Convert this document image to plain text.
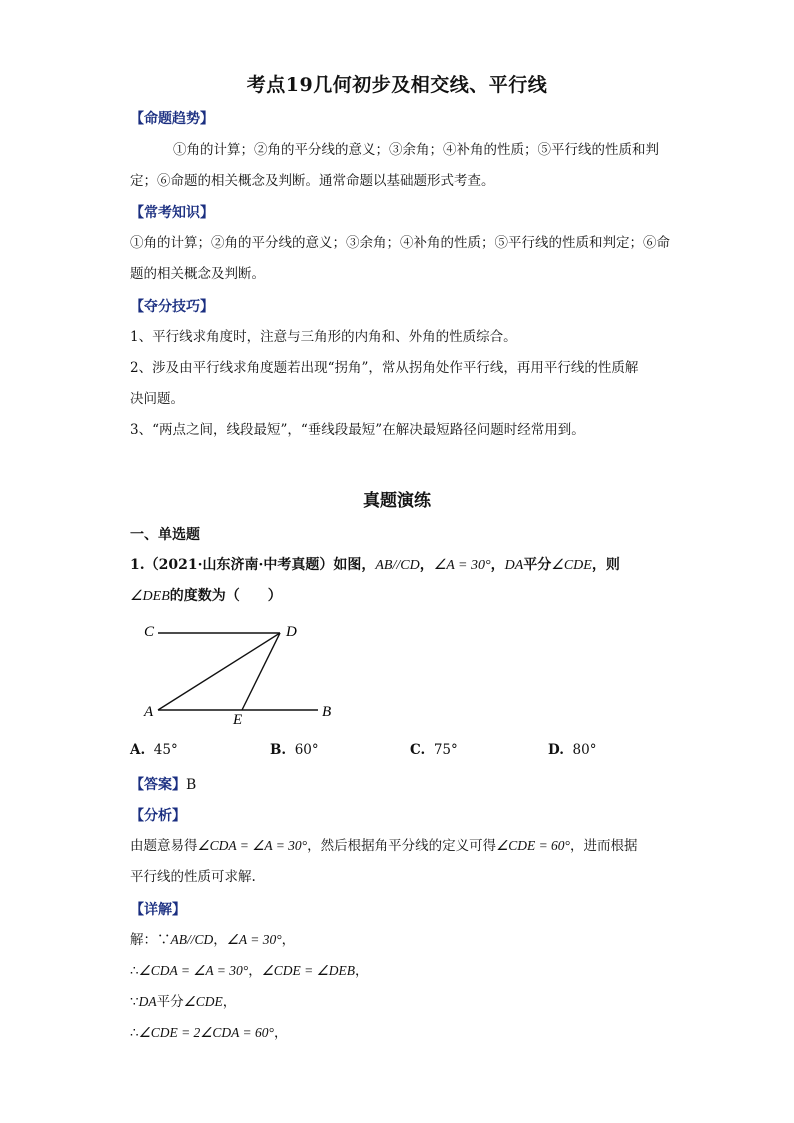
考点19几何初步及相交线、平行线
【命题趋势】
①角的计算；②角的平分线的意义；③余角；④补角的性质；⑤平行线的性质和判
定；⑥命题的相关概念及判断。通常命题以基础题形式考查。
【常考知识】
①角的计算；②角的平分线的意义；③余角；④补角的性质；⑤平行线的性质和判定；⑥命
题的相关概念及判断。
【夺分技巧】
1、平行线求角度时，注意与三角形的内角和、外角的性质综合。
2、涉及由平行线求角度题若出现“拐角”，常从拐角处作平行线，再用平行线的性质解
决问题。
3、“两点之间，线段最短”，“垂线段最短”在解决最短路径问题时经常用到。
真题演练
一、单选题
1.（2021·山东济南·中考真题）如图，AB//CD，∠A = 30°，DA平分∠CDE，则
∠DEB的度数为（　　）
C	D
A	E	B
A. 45°	B. 60°	C. 75°	D. 80°
【答案】B
【分析】
由题意易得∠CDA = ∠A = 30°，然后根据角平分线的定义可得∠CDE = 60°，进而根据
平行线的性质可求解.
【详解】
解：∵AB//CD，∠A = 30°，
∴∠CDA = ∠A = 30°，∠CDE = ∠DEB，
∵DA平分∠CDE，
∴∠CDE = 2∠CDA = 60°，
